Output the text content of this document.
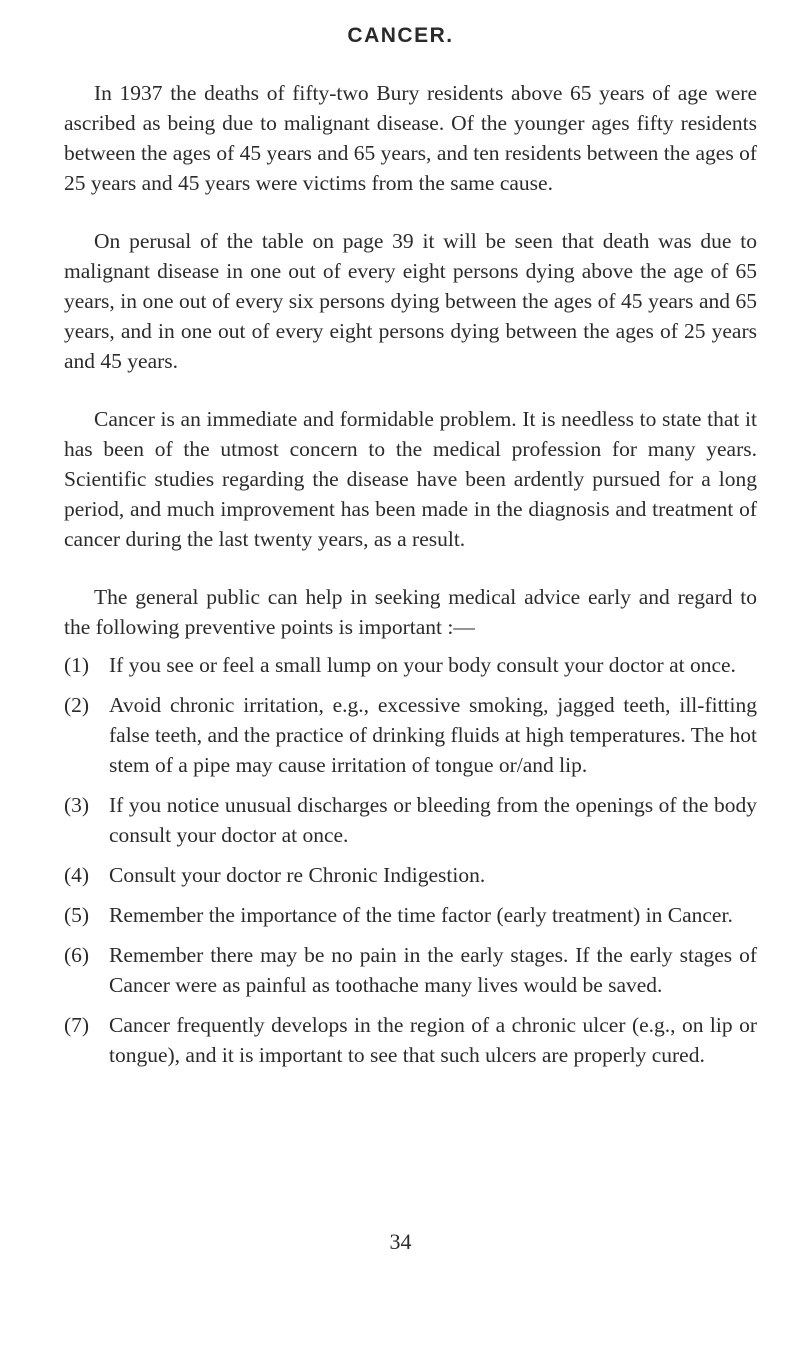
CANCER.

In 1937 the deaths of fifty-two Bury residents above 65 years of age were ascribed as being due to malignant disease. Of the younger ages fifty residents between the ages of 45 years and 65 years, and ten residents between the ages of 25 years and 45 years were victims from the same cause.

On perusal of the table on page 39 it will be seen that death was due to malignant disease in one out of every eight persons dying above the age of 65 years, in one out of every six persons dying between the ages of 45 years and 65 years, and in one out of every eight persons dying between the ages of 25 years and 45 years.

Cancer is an immediate and formidable problem. It is needless to state that it has been of the utmost concern to the medical profession for many years. Scientific studies regarding the disease have been ardently pursued for a long period, and much improvement has been made in the diagnosis and treatment of cancer during the last twenty years, as a result.

The general public can help in seeking medical advice early and regard to the following preventive points is important :—

(1) If you see or feel a small lump on your body consult your doctor at once.
(2) Avoid chronic irritation, e.g., excessive smoking, jagged teeth, ill-fitting false teeth, and the practice of drinking fluids at high temperatures. The hot stem of a pipe may cause irritation of tongue or/and lip.
(3) If you notice unusual discharges or bleeding from the openings of the body consult your doctor at once.
(4) Consult your doctor re Chronic Indigestion.
(5) Remember the importance of the time factor (early treatment) in Cancer.
(6) Remember there may be no pain in the early stages. If the early stages of Cancer were as painful as toothache many lives would be saved.
(7) Cancer frequently develops in the region of a chronic ulcer (e.g., on lip or tongue), and it is important to see that such ulcers are properly cured.
34
